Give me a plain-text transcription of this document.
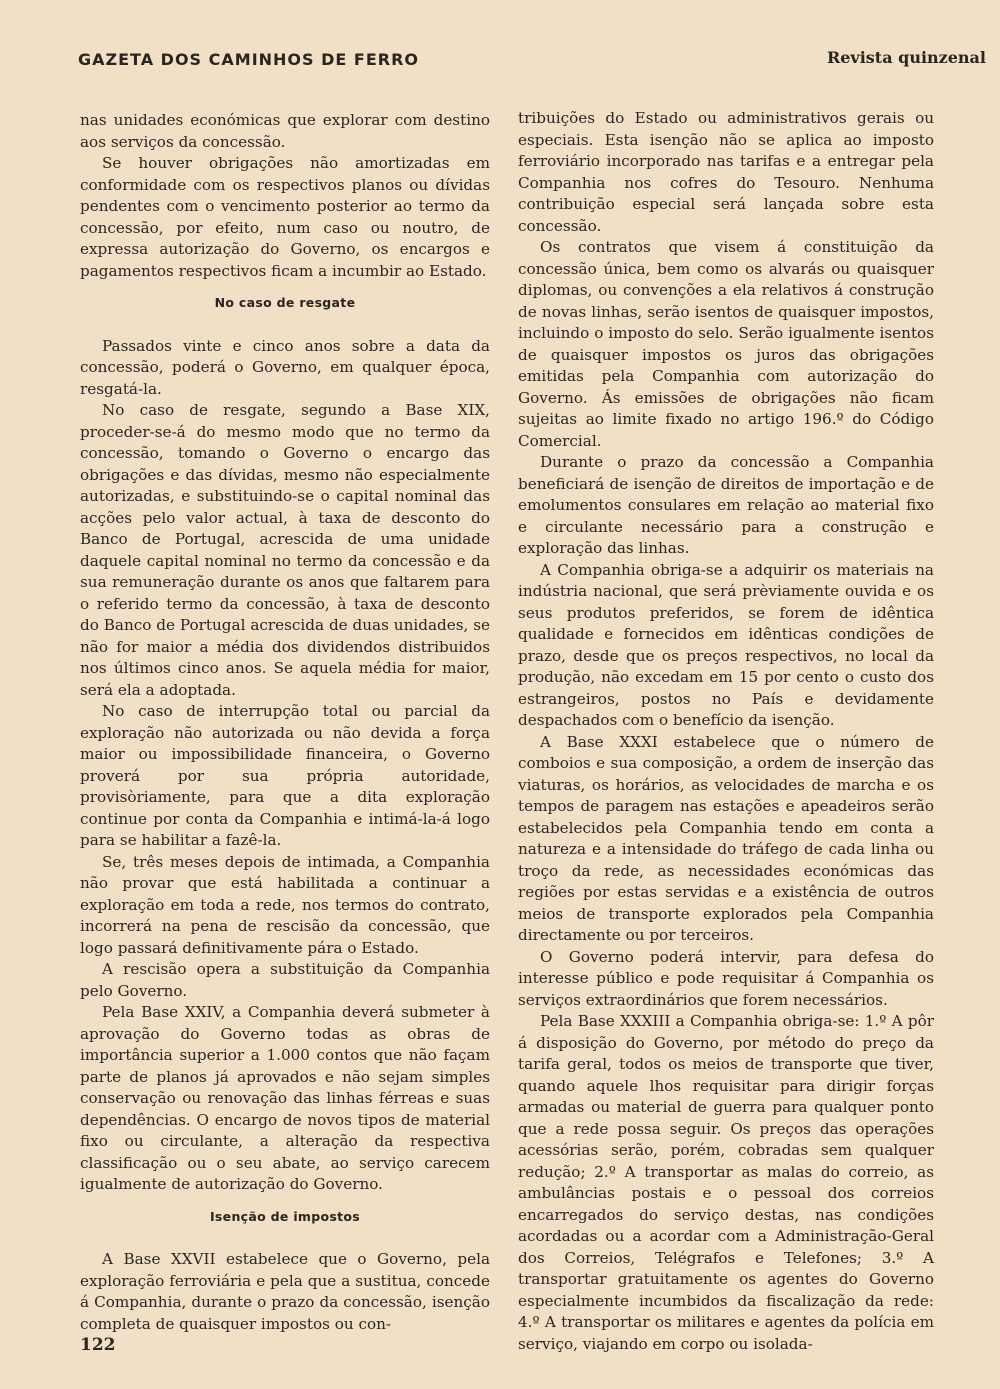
GAZETA DOS CAMINHOS DE FERRO	Revista quinzenal

nas unidades económicas que explorar com destino aos serviços da concessão.

Se houver obrigações não amortizadas em conformidade com os respectivos planos ou dívidas pendentes com o vencimento posterior ao termo da concessão, por efeito, num caso ou noutro, de expressa autorização do Governo, os encargos e pagamentos respectivos ficam a incumbir ao Estado.

No caso de resgate

Passados vinte e cinco anos sobre a data da concessão, poderá o Governo, em qualquer época, resgatá-la.

No caso de resgate, segundo a Base XIX, proceder-se-á do mesmo modo que no termo da concessão, tomando o Governo o encargo das obrigações e das dívidas, mesmo não especialmente autorizadas, e substituindo-se o capital nominal das acções pelo valor actual, à taxa de desconto do Banco de Portugal, acrescida de uma unidade daquele capital nominal no termo da concessão e da sua remuneração durante os anos que faltarem para o referido termo da concessão, à taxa de desconto do Banco de Portugal acrescida de duas unidades, se não for maior a média dos dividendos distribuidos nos últimos cinco anos. Se aquela média for maior, será ela a adoptada.

No caso de interrupção total ou parcial da exploração não autorizada ou não devida a força maior ou impossibilidade financeira, o Governo proverá por sua própria autoridade, provisòriamente, para que a dita exploração continue por conta da Companhia e intimá-la-á logo para se habilitar a fazê-la.

Se, três meses depois de intimada, a Companhia não provar que está habilitada a continuar a exploração em toda a rede, nos termos do contrato, incorrerá na pena de rescisão da concessão, que logo passará definitivamente pára o Estado.

A rescisão opera a substituição da Companhia pelo Governo.

Pela Base XXIV, a Companhia deverá submeter à aprovação do Governo todas as obras de importância superior a 1.000 contos que não façam parte de planos já aprovados e não sejam simples conservação ou renovação das linhas férreas e suas dependências. O encargo de novos tipos de material fixo ou circulante, a alteração da respectiva classificação ou o seu abate, ao serviço carecem igualmente de autorização do Governo.

Isenção de impostos

A Base XXVII estabelece que o Governo, pela exploração ferroviária e pela que a sustitua, concede á Companhia, durante o prazo da concessão, isenção completa de quaisquer impostos ou con-

tribuições do Estado ou administrativos gerais ou especiais. Esta isenção não se aplica ao imposto ferroviário incorporado nas tarifas e a entregar pela Companhia nos cofres do Tesouro. Nenhuma contribuição especial será lançada sobre esta concessão.

Os contratos que visem á constituição da concessão única, bem como os alvarás ou quaisquer diplomas, ou convenções a ela relativos á construção de novas linhas, serão isentos de quaisquer impostos, incluindo o imposto do selo. Serão igualmente isentos de quaisquer impostos os juros das obrigações emitidas pela Companhia com autorização do Governo. Ás emissões de obrigações não ficam sujeitas ao limite fixado no artigo 196.º do Código Comercial.

Durante o prazo da concessão a Companhia beneficiará de isenção de direitos de importação e de emolumentos consulares em relação ao material fixo e circulante necessário para a construção e exploração das linhas.

A Companhia obriga-se a adquirir os materiais na indústria nacional, que será prèviamente ouvida e os seus produtos preferidos, se forem de idêntica qualidade e fornecidos em idênticas condições de prazo, desde que os preços respectivos, no local da produção, não excedam em 15 por cento o custo dos estrangeiros, postos no País e devidamente despachados com o benefício da isenção.

A Base XXXI estabelece que o número de comboios e sua composição, a ordem de inserção das viaturas, os horários, as velocidades de marcha e os tempos de paragem nas estações e apeadeiros serão estabelecidos pela Companhia tendo em conta a natureza e a intensidade do tráfego de cada linha ou troço da rede, as necessidades económicas das regiões por estas servidas e a existência de outros meios de transporte explorados pela Companhia directamente ou por terceiros.

O Governo poderá intervir, para defesa do interesse público e pode requisitar á Companhia os serviços extraordinários que forem necessários.

Pela Base XXXIII a Companhia obriga-se: 1.º A pôr á disposição do Governo, por método do preço da tarifa geral, todos os meios de transporte que tiver, quando aquele lhos requisitar para dirigir forças armadas ou material de guerra para qualquer ponto que a rede possa seguir. Os preços das operações acessórias serão, porém, cobradas sem qualquer redução; 2.º A transportar as malas do correio, as ambulâncias postais e o pessoal dos correios encarregados do serviço destas, nas condições acordadas ou a acordar com a Administração-Geral dos Correios, Telégrafos e Telefones; 3.º A transportar gratuitamente os agentes do Governo especialmente incumbidos da fiscalização da rede: 4.º A transportar os militares e agentes da polícia em serviço, viajando em corpo ou isolada-

122
